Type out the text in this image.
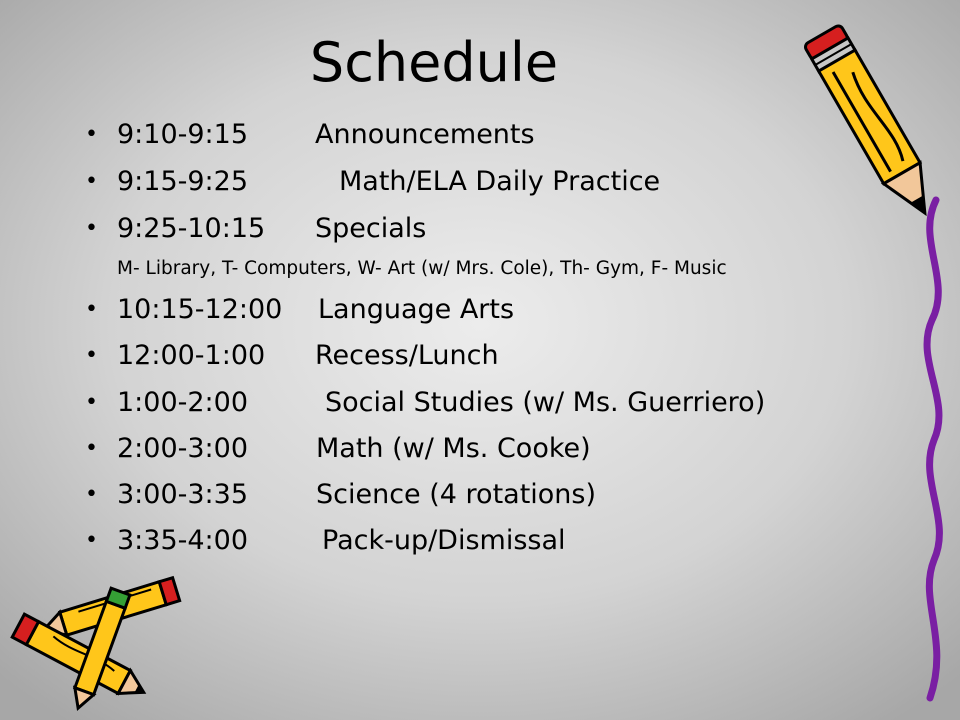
Schedule
• 9:10-9:15 Announcements
• 9:15-9:25	Math/ELA Daily Practice
• 9:25-10:15 Specials
• 10:15-12:00 Language Arts
• 12:00-1:00 Recess/Lunch
• 1:00-2:00	Social Studies (w/ Ms. Guerriero)
• 2:00-3:00	Math (w/ Ms. Cooke)
• 3:00-3:35	Science (4 rotations)
• 3:35-4:00	Pack-up/Dismissal
M- Library, T- Computers, W- Art (w/ Mrs. Cole), Th- Gym, F- Music
